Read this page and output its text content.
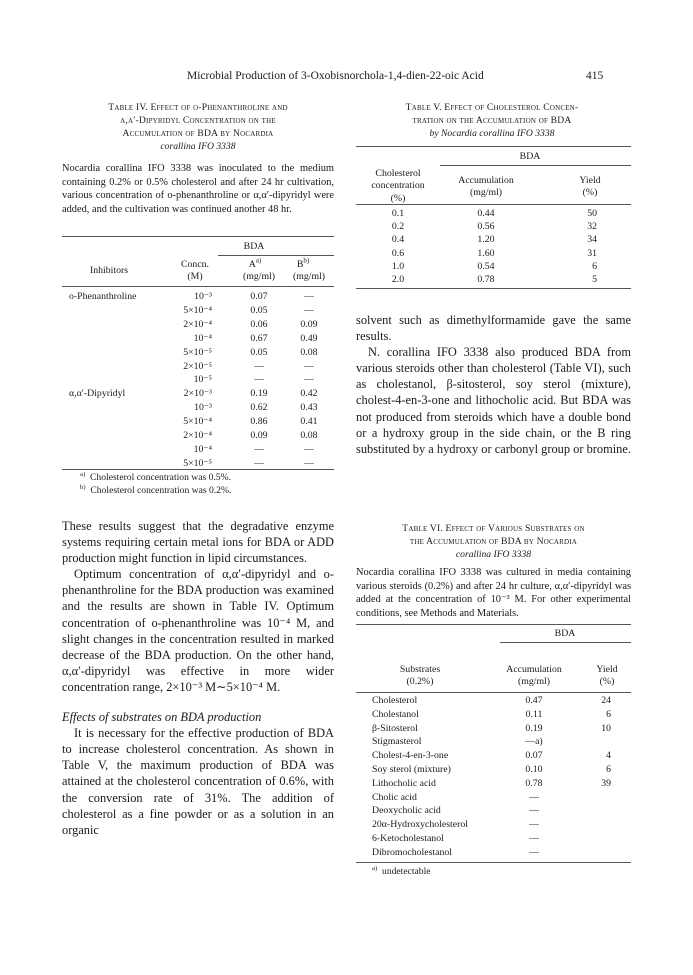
Microbial Production of 3-Oxobisnorchola-1,4-dien-22-oic Acid	415
Table IV. Effect of o-Phenanthroline and
α,α′-Dipyridyl Concentration on the
Accumulation of BDA by Nocardia
corallina IFO 3338
Nocardia corallina IFO 3338 was inoculated to the medium containing 0.2% or 0.5% cholesterol and after 24 hr cultivation, various concentration of o-phenanthroline or α,α′-dipyridyl were added, and the cultivation was continued another 48 hr.
BDA
Inhibitors
Concn.
(M)
$A^{a)}$	$B^{b)}$
(mg/ml) (mg/ml)
o-Phenanthroline	10⁻³	0.07	—
5×10⁻⁴	0.05	—
2×10⁻⁴	0.06	0.09
10⁻⁴	0.67	0.49
5×10⁻⁵	0.05	0.08
2×10⁻⁵	—	—
10⁻⁵	—	—
α,α′-Dipyridyl	2×10⁻³	0.19	0.42
10⁻³	0.62	0.43
5×10⁻⁴	0.86	0.41
2×10⁻⁴	0.09	0.08
10⁻⁴	—	—
5×10⁻⁵	—	—
$^{a)}$ Cholesterol concentration was 0.5%.
$^{b)}$ Cholesterol concentration was 0.2%.
Table V. Effect of Cholesterol Concen-
tration on the Accumulation of BDA
by Nocardia corallina IFO 3338
BDA
Cholesterol
concentration
(%)
Accumulation
(mg/ml)
Yield
(%)
0.1	0.44	50
0.2	0.56	32
0.4	1.20	34
0.6	1.60	31
1.0	0.54	6
2.0	0.78	5

solvent such as dimethylformamide gave the same results.

N. corallina IFO 3338 also produced BDA from various steroids other than cholesterol (Table VI), such as cholestanol, β-sitosterol, soy sterol (mixture), cholest-4-en-3-one and lithocholic acid. But BDA was not produced from steroids which have a double bond or a hydroxy group in the side chain, or the B ring substituted by a hydroxy or carbonyl group or bromine.

These results suggest that the degradative enzyme systems requiring certain metal ions for BDA or ADD production might function in lipid circumstances.

Optimum concentration of α,α′-dipyridyl and o-phenanthroline for the BDA production was examined and the results are shown in Table IV. Optimum concentration of o-phenanthroline was 10⁻⁴ M, and slight changes in the concentration resulted in marked decrease of the BDA production. On the other hand, α,α′-dipyridyl was effective in more wider concentration range, 2×10⁻³ M∼5×10⁻⁴ M.

Effects of substrates on BDA production

It is necessary for the effective production of BDA to increase cholesterol concentration. As shown in Table V, the maximum production of BDA was attained at the cholesterol concentration of 0.6%, with the conversion rate of 31%. The addition of cholesterol as a fine powder or as a solution in an organic

Table VI. Effect of Various Substrates on
the Accumulation of BDA by Nocardia
corallina IFO 3338
Nocardia corallina IFO 3338 was cultured in media containing various steroids (0.2%) and after 24 hr culture, α,α′-dipyridyl was added at the concentration of 10⁻³ M. For other experimental conditions, see Methods and Materials.
BDA
Substrates
(0.2%)
Accumulation
(mg/ml)
Yield
(%)
Cholesterol	0.47	24
Cholestanol	0.11	6
β-Sitosterol	0.19	10
Stigmasterol	—a)
Cholest-4-en-3-one	0.07	4
Soy sterol (mixture)	0.10	6
Lithocholic acid	0.78	39
Cholic acid	—
Deoxycholic acid	—
20α-Hydroxycholesterol	—
6-Ketocholestanol	—
Dibromocholestanol	—
$^{a)}$ undetectable
